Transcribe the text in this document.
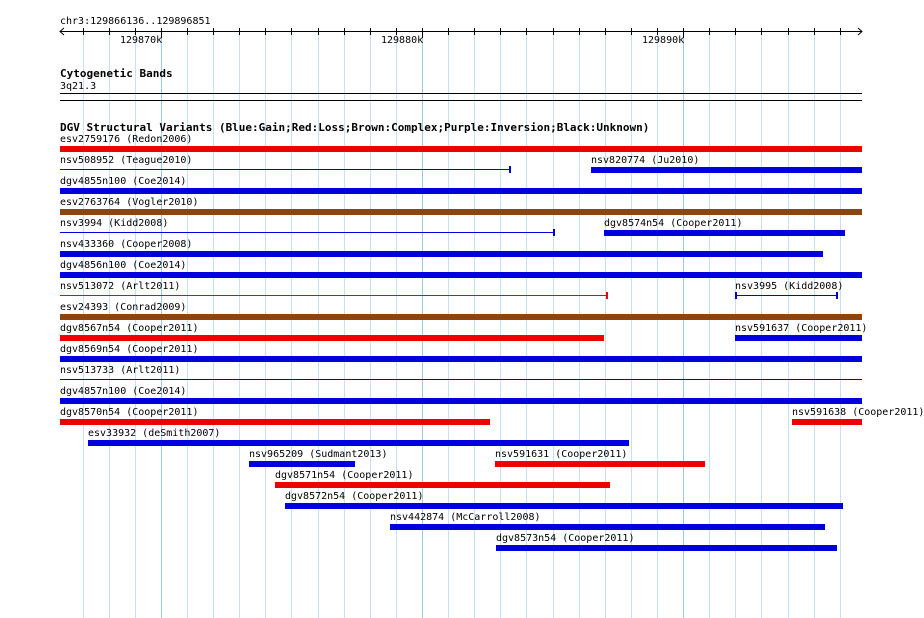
chr3:129866136..129896851
129870k	129880k	129890k
Cytogenetic Bands
3q21.3
DGV Structural Variants (Blue:Gain;Red:Loss;Brown:Complex;Purple:Inversion;Black:Unknown)
esv2759176 (Redon2006)
nsv508952 (Teague2010)	nsv820774 (Ju2010)
dgv4855n100 (Coe2014)
esv2763764 (Vogler2010)
nsv3994 (Kidd2008)	dgv8574n54 (Cooper2011)
nsv433360 (Cooper2008)
dgv4856n100 (Coe2014)
nsv513072 (Arlt2011)	nsv3995 (Kidd2008)
esv24393 (Conrad2009)
dgv8567n54 (Cooper2011)	nsv591637 (Cooper2011)
dgv8569n54 (Cooper2011)
nsv513733 (Arlt2011)
dgv4857n100 (Coe2014)
dgv8570n54 (Cooper2011)	nsv591638 (Cooper2011)
esv33932 (deSmith2007)
nsv965209 (Sudmant2013)	nsv591631 (Cooper2011)
dgv8571n54 (Cooper2011)
dgv8572n54 (Cooper2011)
nsv442874 (McCarroll2008)
dgv8573n54 (Cooper2011)
